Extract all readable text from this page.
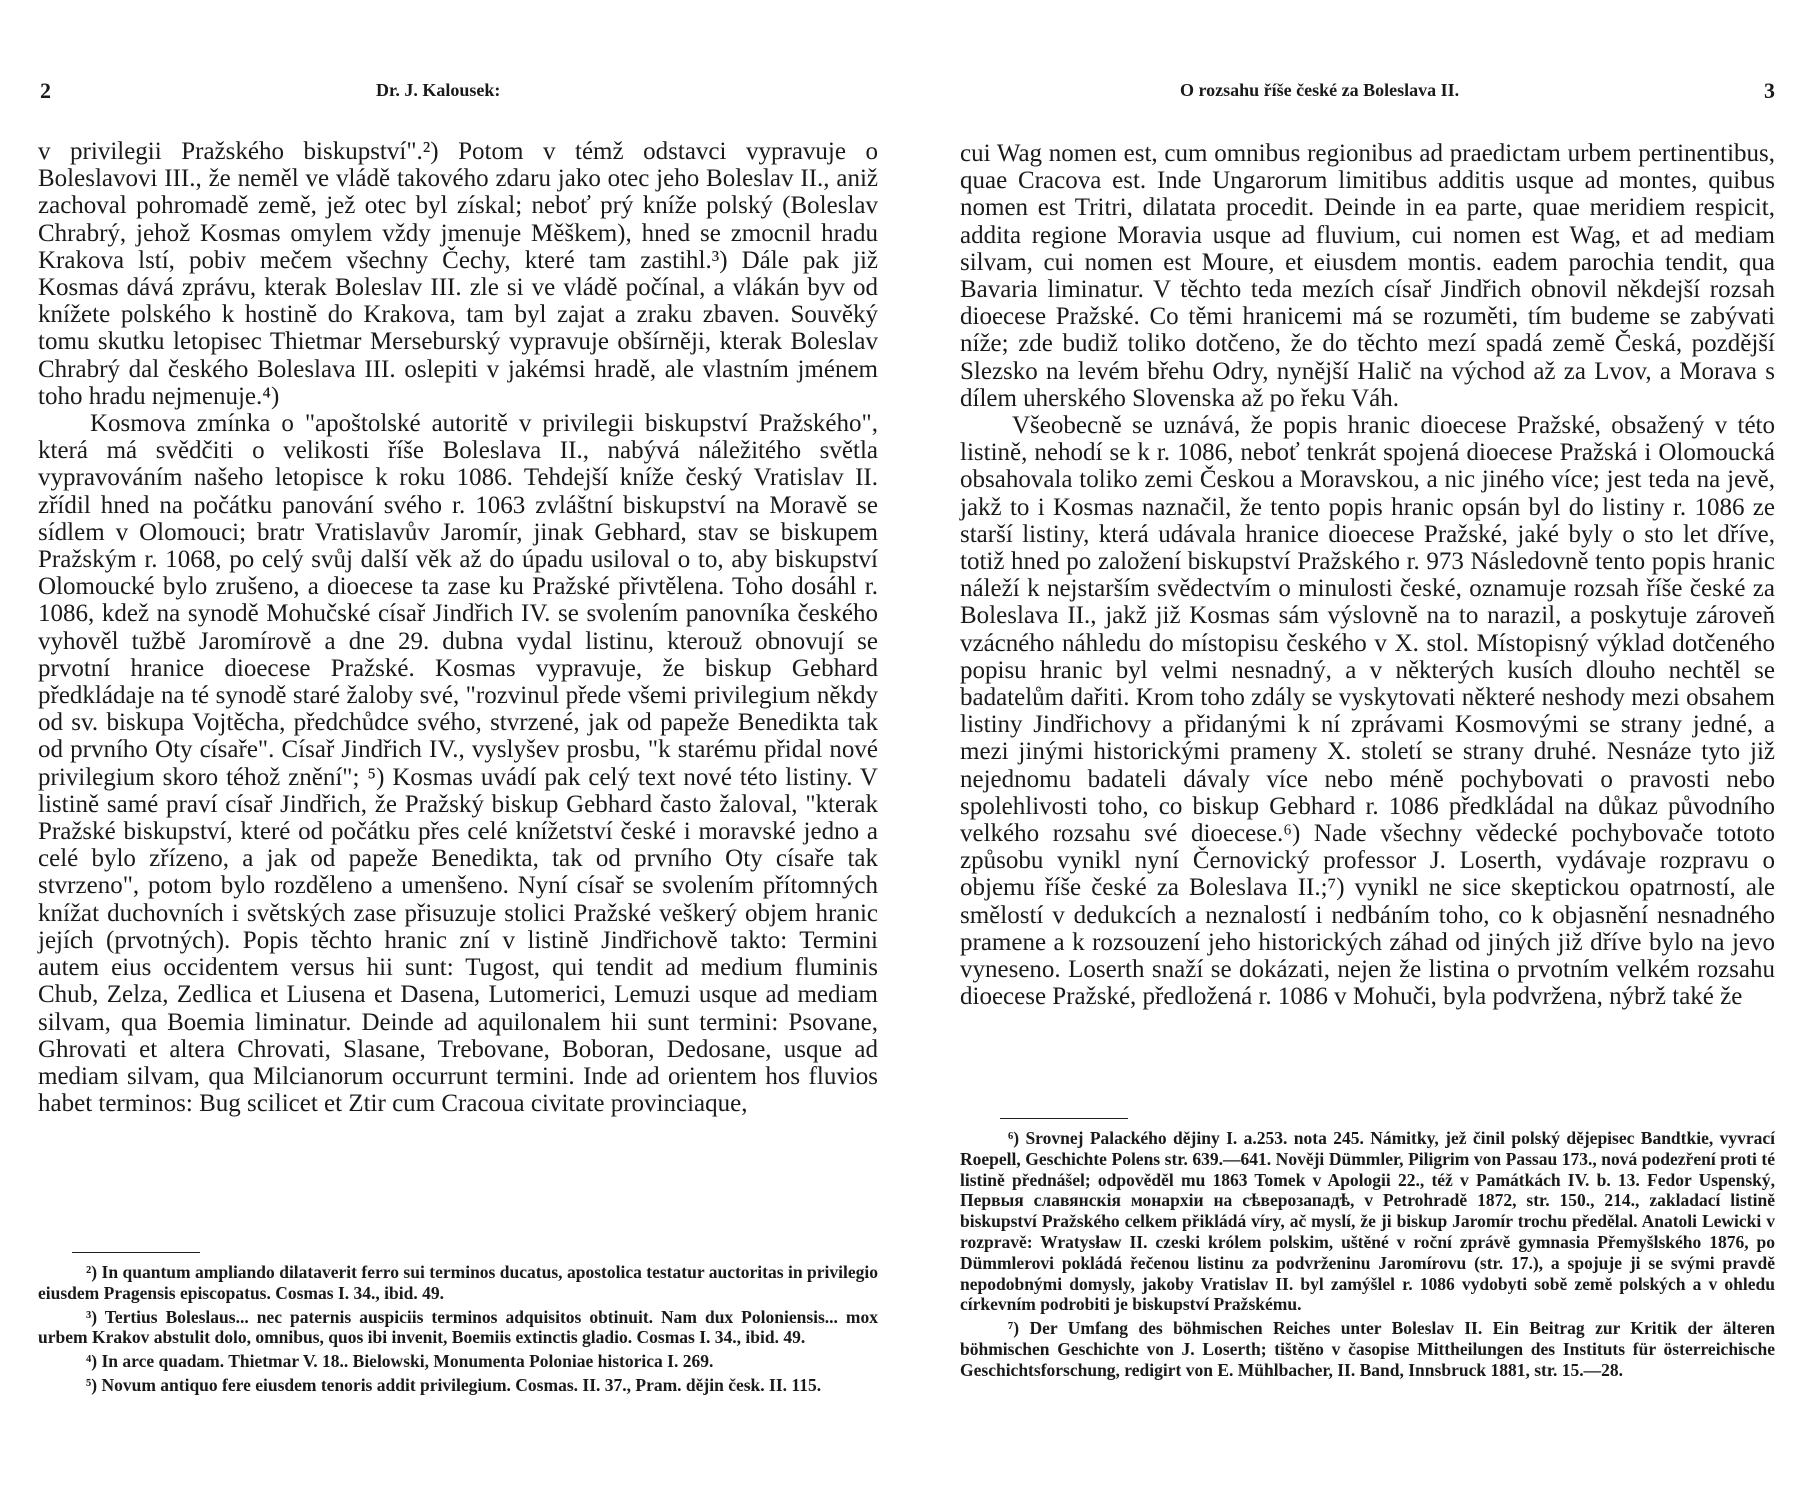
2	Dr. J. Kalousek:

v privilegii Pražského biskupství".²) Potom v témž odstavci vypravuje o Boleslavovi III., že neměl ve vládě takového zdaru jako otec jeho Boleslav II., aniž zachoval pohromadě země, jež otec byl získal; neboť prý kníže polský (Boleslav Chrabrý, jehož Kosmas omylem vždy jmenuje Měškem), hned se zmocnil hradu Krakova lstí, pobiv mečem všechny Čechy, které tam zastihl.³) Dále pak již Kosmas dává zprávu, kterak Boleslav III. zle si ve vládě počínal, a vlákán byv od knížete polského k hostině do Krakova, tam byl zajat a zraku zbaven. Souvěký tomu skutku letopisec Thietmar Merseburský vypravuje obšírněji, kterak Boleslav Chrabrý dal českého Boleslava III. oslepiti v jakémsi hradě, ale vlastním jménem toho hradu nejmenuje.⁴)

Kosmova zmínka o "apoštolské autoritě v privilegii biskupství Pražského", která má svědčiti o velikosti říše Boleslava II., nabývá náležitého světla vypravováním našeho letopisce k roku 1086. Tehdejší kníže český Vratislav II. zřídil hned na počátku panování svého r. 1063 zvláštní biskupství na Moravě se sídlem v Olomouci; bratr Vratislavův Jaromír, jinak Gebhard, stav se biskupem Pražským r. 1068, po celý svůj další věk až do úpadu usiloval o to, aby biskupství Olomoucké bylo zrušeno, a dioecese ta zase ku Pražské přivtělena. Toho dosáhl r. 1086, kdež na synodě Mohučské císař Jindřich IV. se svolením panovníka českého vyhověl tužbě Jaromírově a dne 29. dubna vydal listinu, kterouž obnovují se prvotní hranice dioecese Pražské. Kosmas vypravuje, že biskup Gebhard předkládaje na té synodě staré žaloby své, "rozvinul přede všemi privilegium někdy od sv. biskupa Vojtěcha, předchůdce svého, stvrzené, jak od papeže Benedikta tak od prvního Oty císaře". Císař Jindřich IV., vyslyšev prosbu, "k starému přidal nové privilegium skoro téhož znění"; ⁵) Kosmas uvádí pak celý text nové této listiny. V listině samé praví císař Jindřich, že Pražský biskup Gebhard často žaloval, "kterak Pražské biskupství, které od počátku přes celé knížetství české i moravské jedno a celé bylo zřízeno, a jak od papeže Benedikta, tak od prvního Oty císaře tak stvrzeno", potom bylo rozděleno a umenšeno. Nyní císař se svolením přítomných knížat duchovních i světských zase přisuzuje stolici Pražské veškerý objem hranic jejích (prvotných). Popis těchto hranic zní v listině Jindřichově takto: Termini autem eius occidentem versus hii sunt: Tugost, qui tendit ad medium fluminis Chub, Zelza, Zedlica et Liusena et Dasena, Lutomerici, Lemuzi usque ad mediam silvam, qua Boemia liminatur. Deinde ad aquilonalem hii sunt termini: Psovane, Ghrovati et altera Chrovati, Slasane, Trebovane, Boboran, Dedosane, usque ad mediam silvam, qua Milcianorum occurrunt termini. Inde ad orientem hos fluvios habet terminos: Bug scilicet et Ztir cum Cracoua civitate provinciaque,

²) In quantum ampliando dilataverit ferro sui terminos ducatus, apostolica testatur auctoritas in privilegio eiusdem Pragensis episcopatus. Cosmas I. 34., ibid. 49.

³) Tertius Boleslaus... nec paternis auspiciis terminos adquisitos obtinuit. Nam dux Poloniensis... mox urbem Krakov abstulit dolo, omnibus, quos ibi invenit, Boemiis extinctis gladio. Cosmas I. 34., ibid. 49.

⁴) In arce quadam. Thietmar V. 18.. Bielowski, Monumenta Poloniae historica I. 269.

⁵) Novum antiquo fere eiusdem tenoris addit privilegium. Cosmas. II. 37., Pram. dějin česk. II. 115.

O rozsahu říše české za Boleslava II.	3

cui Wag nomen est, cum omnibus regionibus ad praedictam urbem pertinentibus, quae Cracova est. Inde Ungarorum limitibus additis usque ad montes, quibus nomen est Tritri, dilatata procedit. Deinde in ea parte, quae meridiem respicit, addita regione Moravia usque ad fluvium, cui nomen est Wag, et ad mediam silvam, cui nomen est Moure, et eiusdem montis. eadem parochia tendit, qua Bavaria liminatur. V těchto teda mezích císař Jindřich obnovil někdejší rozsah dioecese Pražské. Co těmi hranicemi má se rozuměti, tím budeme se zabývati níže; zde budiž toliko dotčeno, že do těchto mezí spadá země Česká, pozdější Slezsko na levém břehu Odry, nynější Halič na východ až za Lvov, a Morava s dílem uherského Slovenska až po řeku Váh.

Všeobecně se uznává, že popis hranic dioecese Pražské, obsažený v této listině, nehodí se k r. 1086, neboť tenkrát spojená dioecese Pražská i Olomoucká obsahovala toliko zemi Českou a Moravskou, a nic jiného více; jest teda na jevě, jakž to i Kosmas naznačil, že tento popis hranic opsán byl do listiny r. 1086 ze starší listiny, která udávala hranice dioecese Pražské, jaké byly o sto let dříve, totiž hned po založení biskupství Pražského r. 973 Následovně tento popis hranic náleží k nejstarším svědectvím o minulosti české, oznamuje rozsah říše české za Boleslava II., jakž již Kosmas sám výslovně na to narazil, a poskytuje zároveň vzácného náhledu do místopisu českého v X. stol. Místopisný výklad dotčeného popisu hranic byl velmi nesnadný, a v některých kusích dlouho nechtěl se badatelům dařiti. Krom toho zdály se vyskytovati některé neshody mezi obsahem listiny Jindřichovy a přidanými k ní zprávami Kosmovými se strany jedné, a mezi jinými historickými prameny X. století se strany druhé. Nesnáze tyto již nejednomu badateli dávaly více nebo méně pochybovati o pravosti nebo spolehlivosti toho, co biskup Gebhard r. 1086 předkládal na důkaz původního velkého rozsahu své dioecese.⁶) Nade všechny vědecké pochybovače tototo způsobu vynikl nyní Černovický professor J. Loserth, vydávaje rozpravu o objemu říše české za Boleslava II.;⁷) vynikl ne sice skeptickou opatrností, ale smělostí v dedukcích a neznalostí i nedbáním toho, co k objasnění nesnadného pramene a k rozsouzení jeho historických záhad od jiných již dříve bylo na jevo vyneseno. Loserth snaží se dokázati, nejen že listina o prvotním velkém rozsahu dioecese Pražské, předložená r. 1086 v Mohuči, byla podvržena, nýbrž také že

⁶) Srovnej Palackého dějiny I. a.253. nota 245. Námitky, jež činil polský dějepisec Bandtkie, vyvrací Roepell, Geschichte Polens str. 639.—641. Nověji Dümmler, Piligrim von Passau 173., nová podezření proti té listině přednášel; odpověděl mu 1863 Tomek v Apologii 22., též v Památkách IV. b. 13. Fedor Uspenský, Первыя славянскія монархіи на сѣверозападѣ, v Petrohradě 1872, str. 150., 214., zakladací listině biskupství Pražského celkem přikládá víry, ač myslí, že ji biskup Jaromír trochu předělal. Anatoli Lewicki v rozpravě: Wratysław II. czeski królem polskim, uštěné v roční zprávě gymnasia Přemyšlského 1876, po Dümmlerovi pokládá řečenou listinu za podvrženinu Jaromírovu (str. 17.), a spojuje ji se svými pravdě nepodobnými domysly, jakoby Vratislav II. byl zamýšlel r. 1086 vydobyti sobě země polských a v ohledu církevním podrobiti je biskupství Pražskému.

⁷) Der Umfang des böhmischen Reiches unter Boleslav II. Ein Beitrag zur Kritik der älteren böhmischen Geschichte von J. Loserth; tištěno v časopise Mittheilungen des Instituts für österreichische Geschichtsforschung, redigirt von E. Mühlbacher, II. Band, Innsbruck 1881, str. 15.—28.
